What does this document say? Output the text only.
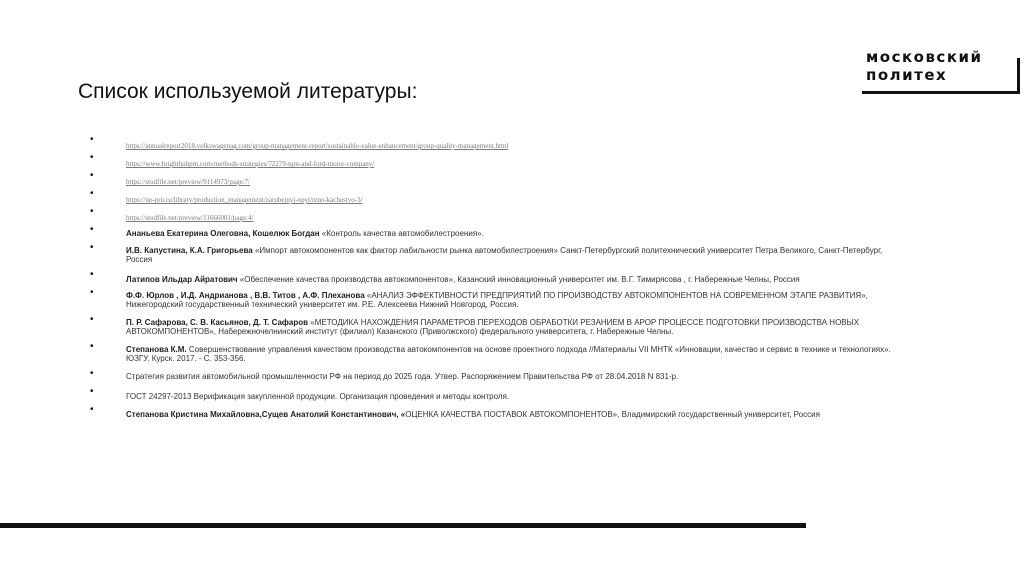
московский
политех
Список используемой литературы:
•
https://annualreport2018.volkswagenag.com/group-management-report/sustainable-value-enhancement/group-quality-management.html
•
https://www.brighthubpm.com/methods-strategies/72279-tqm-and-ford-motor-company/
•
https://studfile.net/preview/9114973/page:7/
•
https://up-pro.ru/library/production_management/zarubejnyj-opyt/reno-kachestvo-3/
•
https://studfile.net/preview/11666001/page:4/
•	Ананьева Екатерина Олеговна, Кошелюк Богдан «Контроль качества автомобилестроения».
•	И.В. Капустина, К.А. Григорьева «Импорт автокомпонентов как фактор лабильности рынка автомобилестроения» Санкт-Петербургский политехнический университет Петра Великого, Санкт-Петербург, Россия
•	Латипов Ильдар Айратович «Обеспечение качества производства автокомпонентов», Казанский инновационный университет им. В.Г. Тимирясова , г. Набережные Челны, Россия
•	Ф.Ф. Юрлов , И.Д. Андрианова , В.В. Титов , А.Ф. Плеханова «АНАЛИЗ ЭФФЕКТИВНОСТИ ПРЕДПРИЯТИЙ ПО ПРОИЗВОДСТВУ АВТОКОМПОНЕНТОВ НА СОВРЕМЕННОМ ЭТАПЕ РАЗВИТИЯ», Нижегородский государственный технический университет им. Р.Е. Алексеева Нижний Новгород, Россия.
•	П. Р. Сафарова, С. В. Касьянов, Д. Т. Сафаров «МЕТОДИКА НАХОЖДЕНИЯ ПАРАМЕТРОВ ПЕРЕХОДОВ ОБРАБОТКИ РЕЗАНИЕМ В АРОР ПРОЦЕССЕ ПОДГОТОВКИ ПРОИЗВОДСТВА НОВЫХ АВТОКОМПОНЕНТОВ», Набережночелнинский институт (филиал) Казанского (Приволжского) федерального университета, г. Набережные Челны.
•	Степанова К.М. Совершенствование управления качеством производства автокомпонентов на основе проектного подхода //Материалы VII МНТК «Инновации, качество и сервис в технике и технологиях». ЮЗГУ. Курск. 2017. - С. 353-356.
•	Стратегия развития автомобильной промышленности РФ на период до 2025 года. Утвер. Распоряжением Правительства РФ от 28.04.2018 N 831-р.
•	ГОСТ 24297-2013 Верификация закупленной продукции. Организация проведения и методы контроля.
•	Степанова Кристина Михайловна,Сущев Анатолий Константинович, «ОЦЕНКА КАЧЕСТВА ПОСТАВОК АВТОКОМПОНЕНТОВ», Владимирский государственный университет, Россия
